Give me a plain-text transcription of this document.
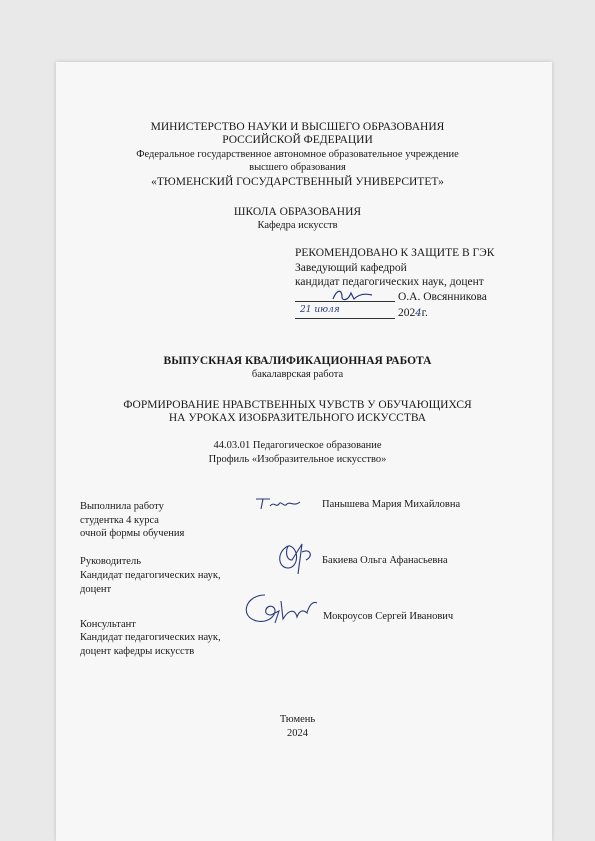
МИНИСТЕРСТВО НАУКИ И ВЫСШЕГО ОБРАЗОВАНИЯ
РОССИЙСКОЙ ФЕДЕРАЦИИ
Федеральное государственное автономное образовательное учреждение
высшего образования
«ТЮМЕНСКИЙ ГОСУДАРСТВЕННЫЙ УНИВЕРСИТЕТ»
ШКОЛА ОБРАЗОВАНИЯ
Кафедра искусств
РЕКОМЕНДОВАНО К ЗАЩИТЕ В ГЭК
Заведующий кафедрой
кандидат педагогических наук, доцент
О.А. Овсянникова
21 июля	2024г.
ВЫПУСКНАЯ КВАЛИФИКАЦИОННАЯ РАБОТА
бакалаврская работа
ФОРМИРОВАНИЕ НРАВСТВЕННЫХ ЧУВСТВ У ОБУЧАЮЩИХСЯ
НА УРОКАХ ИЗОБРАЗИТЕЛЬНОГО ИСКУССТВА
44.03.01 Педагогическое образование
Профиль «Изобразительное искусство»
Выполнила работу
студентка 4 курса
очной формы обучения
Панышева Мария Михайловна
Руководитель
Кандидат педагогических наук,
доцент
Бакиева Ольга Афанасьевна
Консультант
Кандидат педагогических наук,
доцент кафедры искусств
Мокроусов Сергей Иванович
Тюмень
2024
